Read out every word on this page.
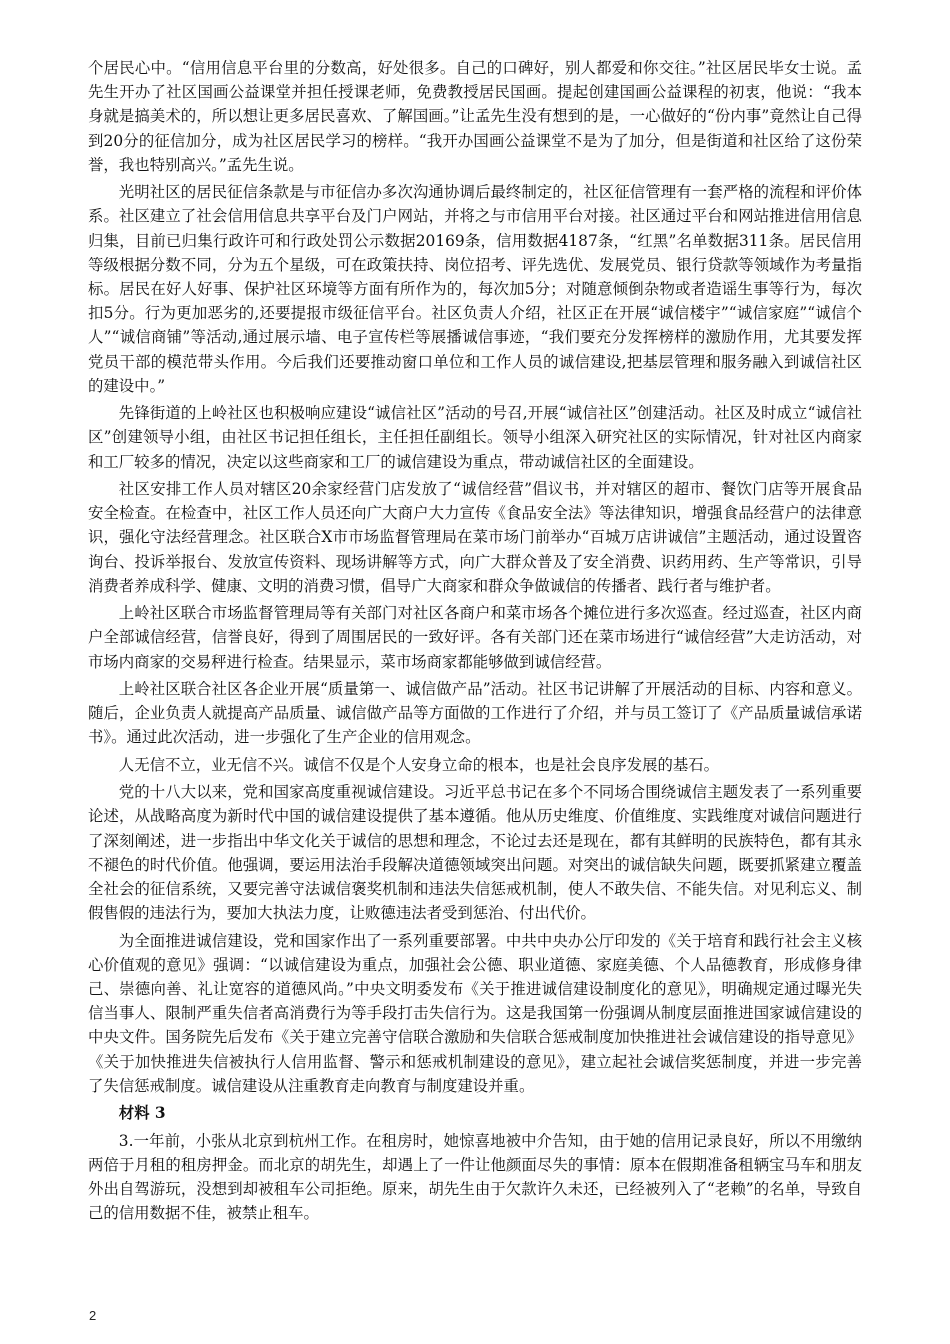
个居民心中。“信用信息平台里的分数高，好处很多。自己的口碑好，别人都爱和你交往。”社区居民毕女士说。孟先生开办了社区国画公益课堂并担任授课老师，免费教授居民国画。提起创建国画公益课程的初衷，他说：“我本身就是搞美术的，所以想让更多居民喜欢、了解国画。”让孟先生没有想到的是，一心做好的“份内事”竟然让自己得到20分的征信加分，成为社区居民学习的榜样。“我开办国画公益课堂不是为了加分，但是街道和社区给了这份荣誉，我也特别高兴。”孟先生说。

光明社区的居民征信条款是与市征信办多次沟通协调后最终制定的，社区征信管理有一套严格的流程和评价体系。社区建立了社会信用信息共享平台及门户网站，并将之与市信用平台对接。社区通过平台和网站推进信用信息归集，目前已归集行政许可和行政处罚公示数据20169条，信用数据4187条，“红黑”名单数据311条。居民信用等级根据分数不同，分为五个星级，可在政策扶持、岗位招考、评先选优、发展党员、银行贷款等领域作为考量指标。居民在好人好事、保护社区环境等方面有所作为的，每次加5分；对随意倾倒杂物或者造谣生事等行为，每次扣5分。行为更加恶劣的,还要提报市级征信平台。社区负责人介绍，社区正在开展“诚信楼宇”“诚信家庭”“诚信个人”“诚信商铺”等活动,通过展示墙、电子宣传栏等展播诚信事迹，“我们要充分发挥榜样的激励作用，尤其要发挥党员干部的模范带头作用。今后我们还要推动窗口单位和工作人员的诚信建设,把基层管理和服务融入到诚信社区的建设中。”

先锋街道的上岭社区也积极响应建设“诚信社区”活动的号召,开展“诚信社区”创建活动。社区及时成立“诚信社区”创建领导小组，由社区书记担任组长，主任担任副组长。领导小组深入研究社区的实际情况，针对社区内商家和工厂较多的情况，决定以这些商家和工厂的诚信建设为重点，带动诚信社区的全面建设。

社区安排工作人员对辖区20余家经营门店发放了“诚信经营”倡议书，并对辖区的超市、餐饮门店等开展食品安全检查。在检查中，社区工作人员还向广大商户大力宣传《食品安全法》等法律知识，增强食品经营户的法律意识，强化守法经营理念。社区联合X市市场监督管理局在菜市场门前举办“百城万店讲诚信”主题活动，通过设置咨询台、投诉举报台、发放宣传资料、现场讲解等方式，向广大群众普及了安全消费、识药用药、生产等常识，引导消费者养成科学、健康、文明的消费习惯，倡导广大商家和群众争做诚信的传播者、践行者与维护者。

上岭社区联合市场监督管理局等有关部门对社区各商户和菜市场各个摊位进行多次巡查。经过巡查，社区内商户全部诚信经营，信誉良好，得到了周围居民的一致好评。各有关部门还在菜市场进行“诚信经营”大走访活动，对市场内商家的交易秤进行检查。结果显示，菜市场商家都能够做到诚信经营。

上岭社区联合社区各企业开展“质量第一、诚信做产品”活动。社区书记讲解了开展活动的目标、内容和意义。随后，企业负责人就提高产品质量、诚信做产品等方面做的工作进行了介绍，并与员工签订了《产品质量诚信承诺书》。通过此次活动，进一步强化了生产企业的信用观念。

人无信不立，业无信不兴。诚信不仅是个人安身立命的根本，也是社会良序发展的基石。

党的十八大以来，党和国家高度重视诚信建设。习近平总书记在多个不同场合围绕诚信主题发表了一系列重要论述，从战略高度为新时代中国的诚信建设提供了基本遵循。他从历史维度、价值维度、实践维度对诚信问题进行了深刻阐述，进一步指出中华文化关于诚信的思想和理念，不论过去还是现在，都有其鲜明的民族特色，都有其永不褪色的时代价值。他强调，要运用法治手段解决道德领域突出问题。对突出的诚信缺失问题，既要抓紧建立覆盖全社会的征信系统，又要完善守法诚信褒奖机制和违法失信惩戒机制，使人不敢失信、不能失信。对见利忘义、制假售假的违法行为，要加大执法力度，让败德违法者受到惩治、付出代价。

为全面推进诚信建设，党和国家作出了一系列重要部署。中共中央办公厅印发的《关于培育和践行社会主义核心价值观的意见》强调：“以诚信建设为重点，加强社会公德、职业道德、家庭美德、个人品德教育，形成修身律己、崇德向善、礼让宽容的道德风尚。”中央文明委发布《关于推进诚信建设制度化的意见》，明确规定通过曝光失信当事人、限制严重失信者高消费行为等手段打击失信行为。这是我国第一份强调从制度层面推进国家诚信建设的中央文件。国务院先后发布《关于建立完善守信联合激励和失信联合惩戒制度加快推进社会诚信建设的指导意见》《关于加快推进失信被执行人信用监督、警示和惩戒机制建设的意见》，建立起社会诚信奖惩制度，并进一步完善了失信惩戒制度。诚信建设从注重教育走向教育与制度建设并重。

材料 3

3.一年前，小张从北京到杭州工作。在租房时，她惊喜地被中介告知，由于她的信用记录良好，所以不用缴纳两倍于月租的租房押金。而北京的胡先生，却遇上了一件让他颜面尽失的事情：原本在假期准备租辆宝马车和朋友外出自驾游玩，没想到却被租车公司拒绝。原来，胡先生由于欠款许久未还，已经被列入了“老赖”的名单，导致自己的信用数据不佳，被禁止租车。

2
